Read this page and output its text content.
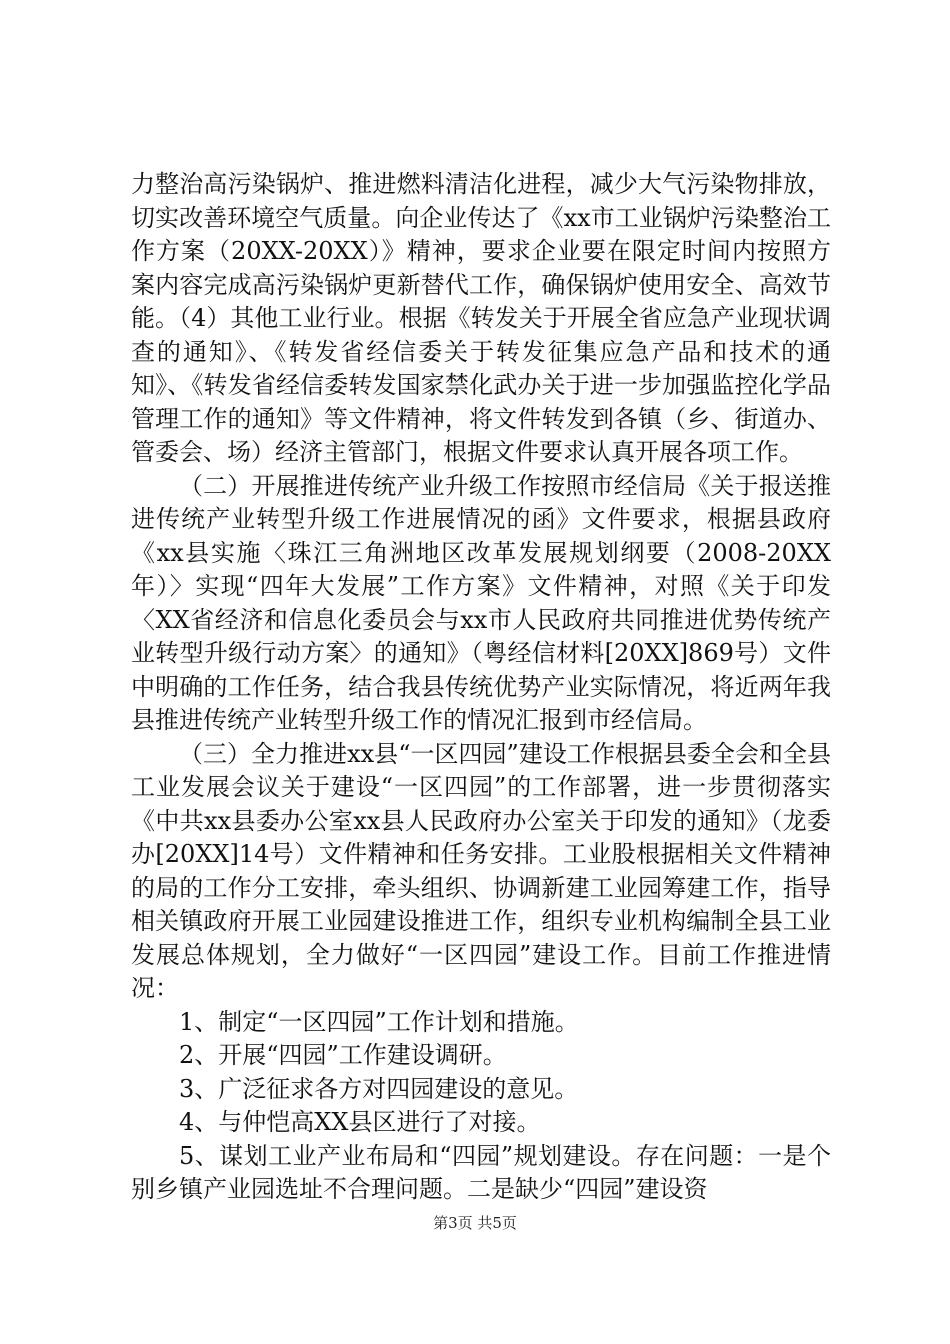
力整治高污染锅炉、推进燃料清洁化进程，减少大气污染物排放，切实改善环境空气质量。向企业传达了《xx市工业锅炉污染整治工作方案（20XX-20XX）》精神，要求企业要在限定时间内按照方案内容完成高污染锅炉更新替代工作，确保锅炉使用安全、高效节能。（4）其他工业行业。根据《转发关于开展全省应急产业现状调查的通知》、《转发省经信委关于转发征集应急产品和技术的通知》、《转发省经信委转发国家禁化武办关于进一步加强监控化学品管理工作的通知》等文件精神，将文件转发到各镇（乡、街道办、管委会、场）经济主管部门，根据文件要求认真开展各项工作。

（二）开展推进传统产业升级工作按照市经信局《关于报送推进传统产业转型升级工作进展情况的函》文件要求，根据县政府《xx县实施〈珠江三角洲地区改革发展规划纲要（2008-20XX年）〉实现“四年大发展”工作方案》文件精神，对照《关于印发〈XX省经济和信息化委员会与xx市人民政府共同推进优势传统产业转型升级行动方案〉的通知》（粤经信材料[20XX]869号）文件中明确的工作任务，结合我县传统优势产业实际情况，将近两年我县推进传统产业转型升级工作的情况汇报到市经信局。

（三）全力推进xx县“一区四园”建设工作根据县委全会和全县工业发展会议关于建设“一区四园”的工作部署，进一步贯彻落实《中共xx县委办公室xx县人民政府办公室关于印发的通知》（龙委办[20XX]14号）文件精神和任务安排。工业股根据相关文件精神的局的工作分工安排，牵头组织、协调新建工业园筹建工作，指导相关镇政府开展工业园建设推进工作，组织专业机构编制全县工业发展总体规划，全力做好“一区四园”建设工作。目前工作推进情况：

1、制定“一区四园”工作计划和措施。

2、开展“四园”工作建设调研。

3、广泛征求各方对四园建设的意见。

4、与仲恺高XX县区进行了对接。

5、谋划工业产业布局和“四园”规划建设。存在问题：一是个别乡镇产业园选址不合理问题。二是缺少“四园”建设资

第3页 共5页
